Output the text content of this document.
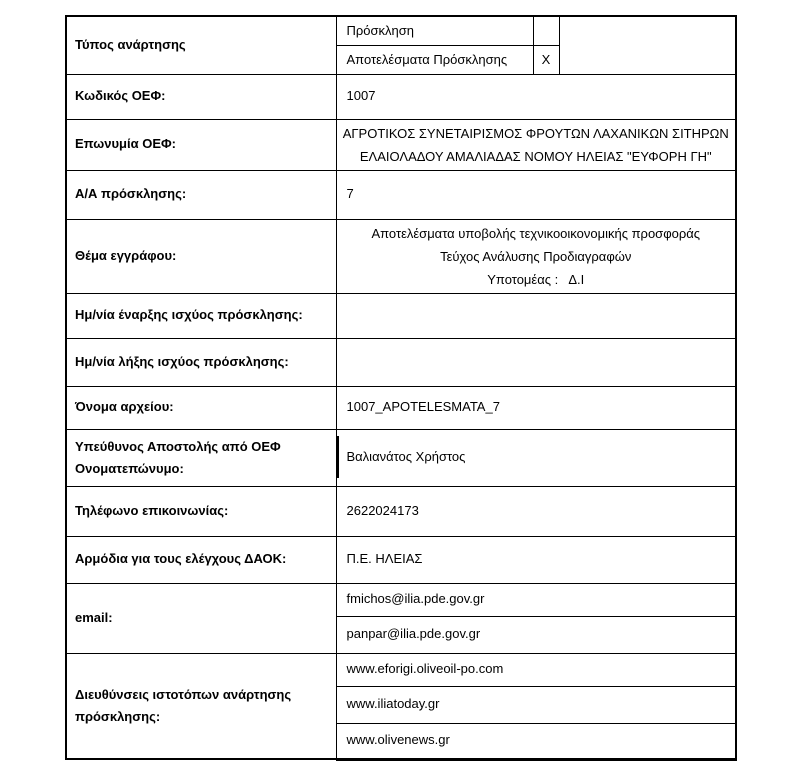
Τύπος ανάρτησης	Πρόσκληση		
	Αποτελέσματα Πρόσκλησης	X	
Κωδικός ΟΕΦ:	1007		
Επωνυμία ΟΕΦ:	ΑΓΡΟΤΙΚΟΣ ΣΥΝΕΤΑΙΡΙΣΜΟΣ ΦΡΟΥΤΩΝ ΛΑΧΑΝΙΚΩΝ ΣΙΤΗΡΩΝ
ΕΛΑΙΟΛΑΔΟΥ ΑΜΑΛΙΑΔΑΣ ΝΟΜΟΥ ΗΛΕΙΑΣ "ΕΥΦΟΡΗ ΓΗ"		

Α/Α πρόσκλησης:	7		
Θέμα εγγράφου:	Αποτελέσματα υποβολής τεχνικοοικονομικής προσφοράς
Τεύχος Ανάλυσης Προδιαγραφών
Υποτομέας :   Δ.Ι		

Ημ/νία έναρξης ισχύος πρόσκλησης:			
Ημ/νία λήξης ισχύος πρόσκλησης:			
Όνομα αρχείου:	1007_APOTELESMATA_7		

Υπεύθυνος Αποστολής από ΟΕΦ
Ονοματεπώνυμο:	Βαλιανάτος Χρήστος		
Τηλέφωνο επικοινωνίας:	2622024173		
Αρμόδια για τους ελέγχους ΔΑΟΚ:	Π.Ε. ΗΛΕΙΑΣ		
email:	fmichos@ilia.pde.gov.gr		
	panpar@ilia.pde.gov.gr		

Διευθύνσεις ιστοτόπων ανάρτησης
πρόσκλησης:	www.eforigi.oliveoil-po.com		
	www.iliatoday.gr		
	www.olivenews.gr		
